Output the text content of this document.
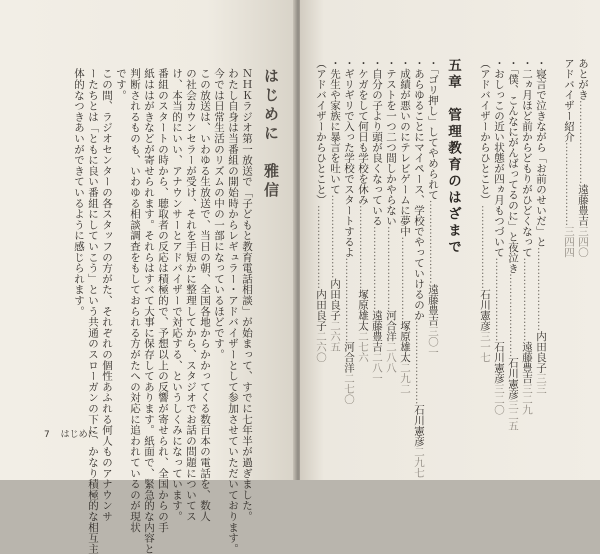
はじめに　雅信

ＮＨＫラジオ第一放送で「子どもと教育電話相談」が始まって、すでに七年半が過ぎました。

わたし自身は当番組の開始時からレギュラー・アドバイザーとして参加させていただいております。

今では日常生活のリズムの中の一部になっているほどです。

この放送は、いわゆる生放送で、当日の朝、全国各地からかかってくる数百本の電話を、数人

の社会カウンセラーが受け、それを手短かに整理してから、スタジオでお話の問題についてス

け、本当的にいい、アナウンサーとアドバイザーで対応する、というしくみになっています。

番組のスタートの時から、聴取者の反応は積極的で、予想以上の反響が寄せられ、全国からの手

紙ははがきなどが寄せられます。それらはすべて大事に保存してあります。紙面で、緊急的な内容と

判断されるものも、いわゆる相談調査をもしておられる方がたへの対応に追われているのが現状

です。

この間、ラジオセンターの各スタッフの方がた、それぞれの個性あふれる何人ものアナウンサ

ーたちとは「ともに良い番組にしていこう」という共通のスローガンの下に、かなり積極的な相互主

体的なつきあいができているように感じられます。

7 はじめに

あとがき……………………遠藤豊吉三四〇

アドバイザー紹介……………………三四四

・寝言で泣きながら「お前のせいだ」と……………………内田良子三三

・二ヵ月ほど前からどもりがひどくなって……………………遠藤豊吉三二九

・「僕、こんなにがんばってるのに」と夜泣き……………………石川憲彦三二五

・おしっこの近い状態が四ヵ月もつづいて……………………石川憲彦三二〇

（アドバイザーからひとこと）……………………石川憲彦三一七

五章　管理教育のはざまで

・「ゴリ押し」してやめられて……………………遠藤豊吉三〇一

・あらゆることにマイペース、学校でやっていけるのか……………………石川憲彦二九七

・成績が悪いのにテレビゲームに夢中……………………塚原雄太二九二

・テストを一つ二つ間しかやらない……………………河合洋二八八

・自分の子より頭が良くなっている……………………遠藤豊吉二八一

・ケガをして何日も学校を休み……………………塚原雄太二七六

・ギリギリで入った学校でスタートするよ……………………河合洋二七〇

・先生や家族に暴言を吐いて……………………内田良子二六五

（アドバイザーからひとこと）……………………内田良子二六〇
